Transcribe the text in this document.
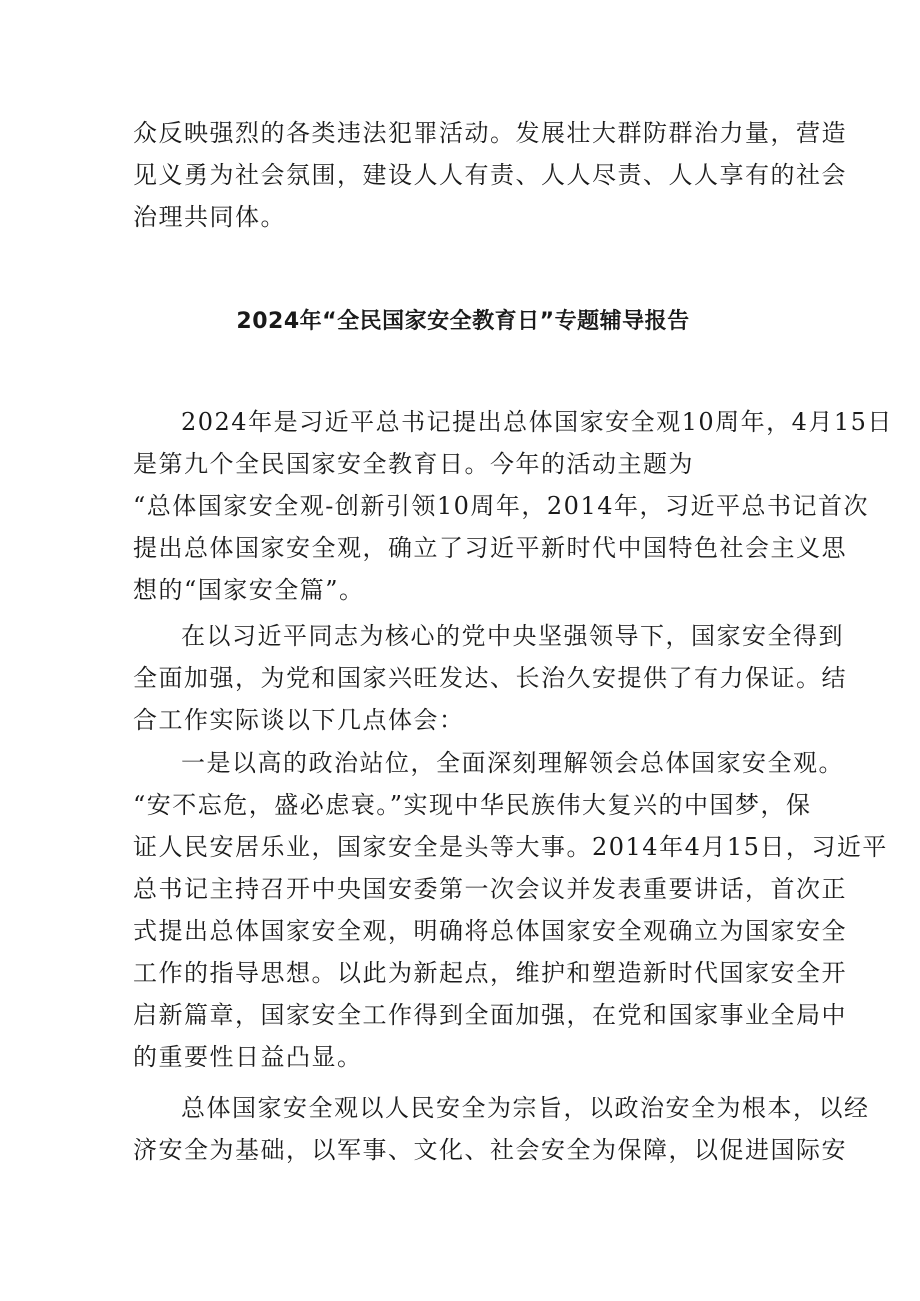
众反映强烈的各类违法犯罪活动。发展壮大群防群治力量，营造
见义勇为社会氛围，建设人人有责、人人尽责、人人享有的社会
治理共同体。
2024年“全民国家安全教育日”专题辅导报告
2024年是习近平总书记提出总体国家安全观10周年，4月15日
是第九个全民国家安全教育日。今年的活动主题为
“总体国家安全观-创新引领10周年，2014年，习近平总书记首次
提出总体国家安全观，确立了习近平新时代中国特色社会主义思
想的“国家安全篇”。
在以习近平同志为核心的党中央坚强领导下，国家安全得到
全面加强，为党和国家兴旺发达、长治久安提供了有力保证。结
合工作实际谈以下几点体会：
一是以高的政治站位，全面深刻理解领会总体国家安全观。
“安不忘危，盛必虑衰。”实现中华民族伟大复兴的中国梦，保
证人民安居乐业，国家安全是头等大事。2014年4月15日，习近平
总书记主持召开中央国安委第一次会议并发表重要讲话，首次正
式提出总体国家安全观，明确将总体国家安全观确立为国家安全
工作的指导思想。以此为新起点，维护和塑造新时代国家安全开
启新篇章，国家安全工作得到全面加强，在党和国家事业全局中
的重要性日益凸显。
总体国家安全观以人民安全为宗旨，以政治安全为根本，以经
济安全为基础，以军事、文化、社会安全为保障，以促进国际安
